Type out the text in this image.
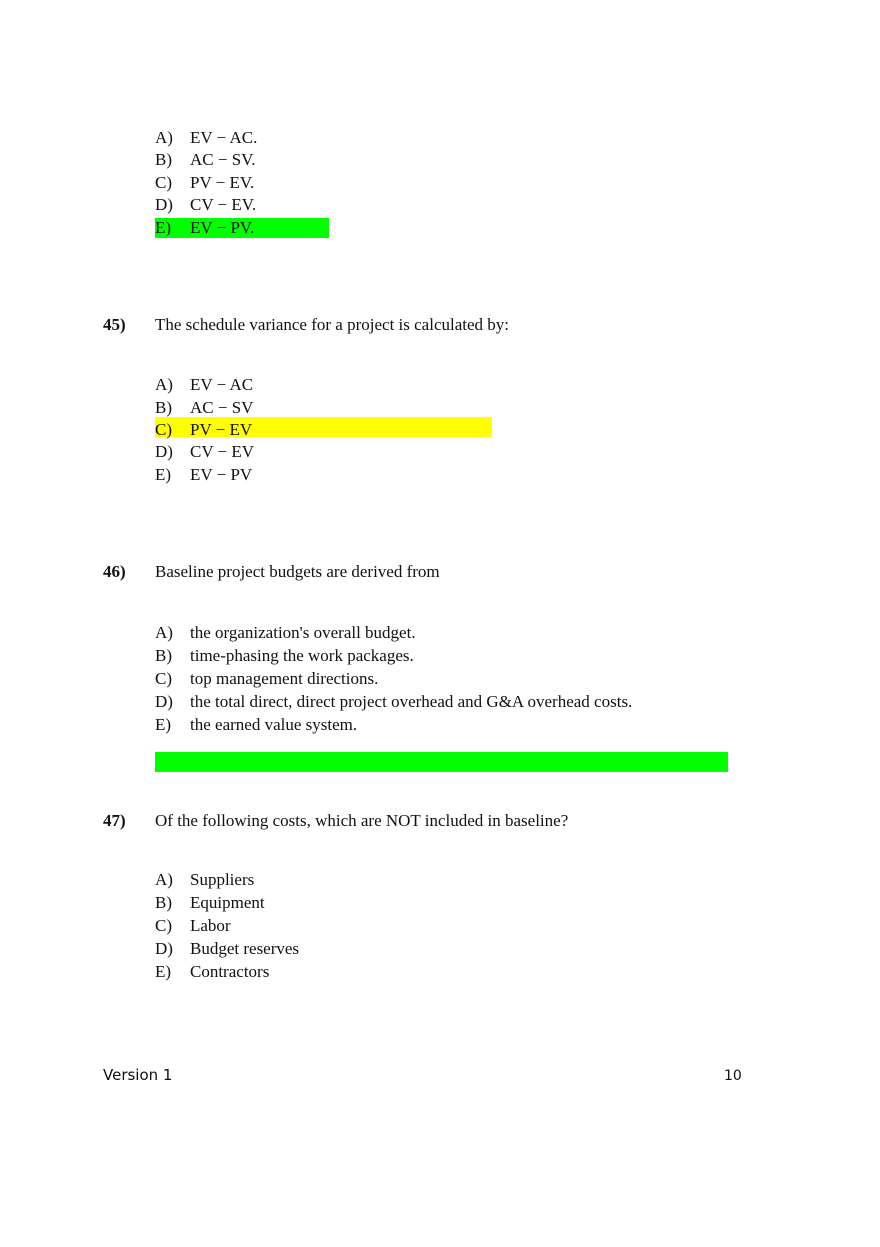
A) EV − AC.
B) AC − SV.
C) PV − EV.
D) CV − EV.
E) EV − PV.
45) The schedule variance for a project is calculated by:
A) EV − AC
B) AC − SV
C) PV − EV
D) CV − EV
E) EV − PV
46) Baseline project budgets are derived from
A) the organization's overall budget.
B) time-phasing the work packages.
C) top management directions.
D) the total direct, direct project overhead and G&A overhead costs.
E) the earned value system.
47) Of the following costs, which are NOT included in baseline?
A) Suppliers
B) Equipment
C) Labor
D) Budget reserves
E) Contractors
Version 1	10
